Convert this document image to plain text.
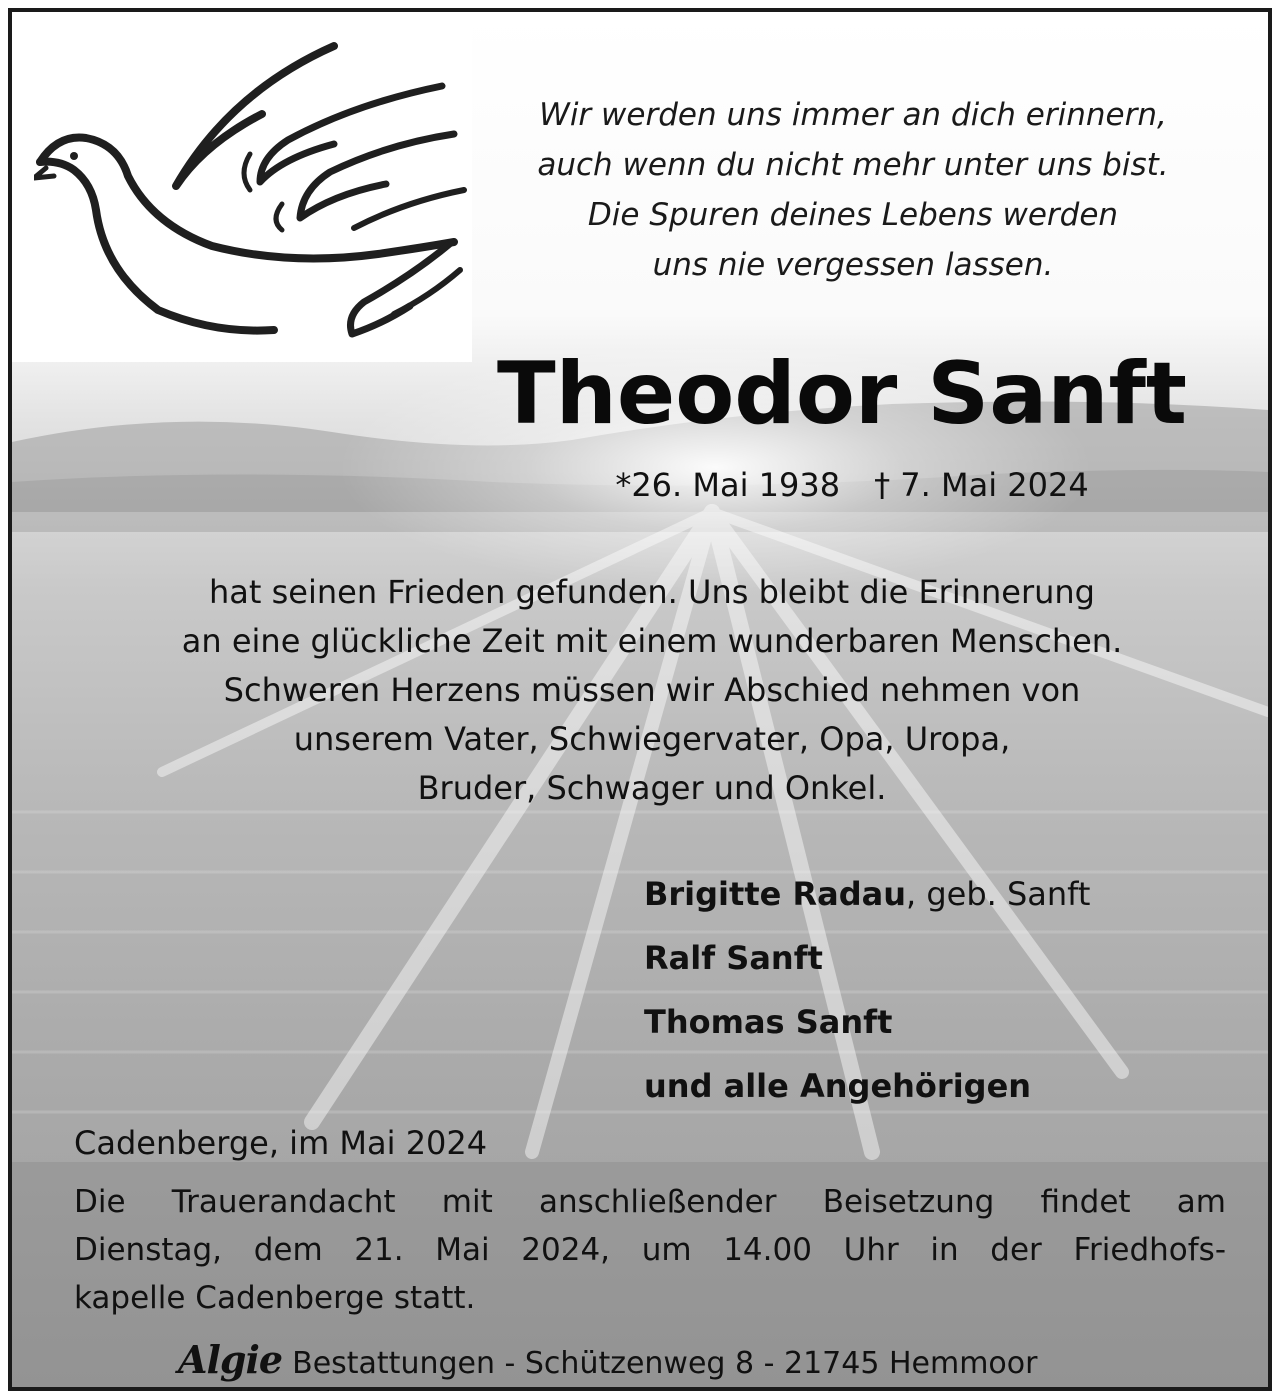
Wir werden uns immer an dich erinnern,
auch wenn du nicht mehr unter uns bist.
Die Spuren deines Lebens werden
uns nie vergessen lassen.

Theodor Sanft
*26. Mai 1938 † 7. Mai 2024

hat seinen Frieden gefunden. Uns bleibt die Erinnerung
an eine glückliche Zeit mit einem wunderbaren Menschen.
Schweren Herzens müssen wir Abschied nehmen von
unserem Vater, Schwiegervater, Opa, Uropa,
Bruder, Schwager und Onkel.

Brigitte Radau, geb. Sanft
Ralf Sanft
Thomas Sanft
und alle Angehörigen
Cadenberge, im Mai 2024

Die Trauerandacht mit anschließender Beisetzung findet am
Dienstag, dem 21. Mai 2024, um 14.00 Uhr in der Friedhofs-
kapelle Cadenberge statt.

Algie Bestattungen - Schützenweg 8 - 21745 Hemmoor
